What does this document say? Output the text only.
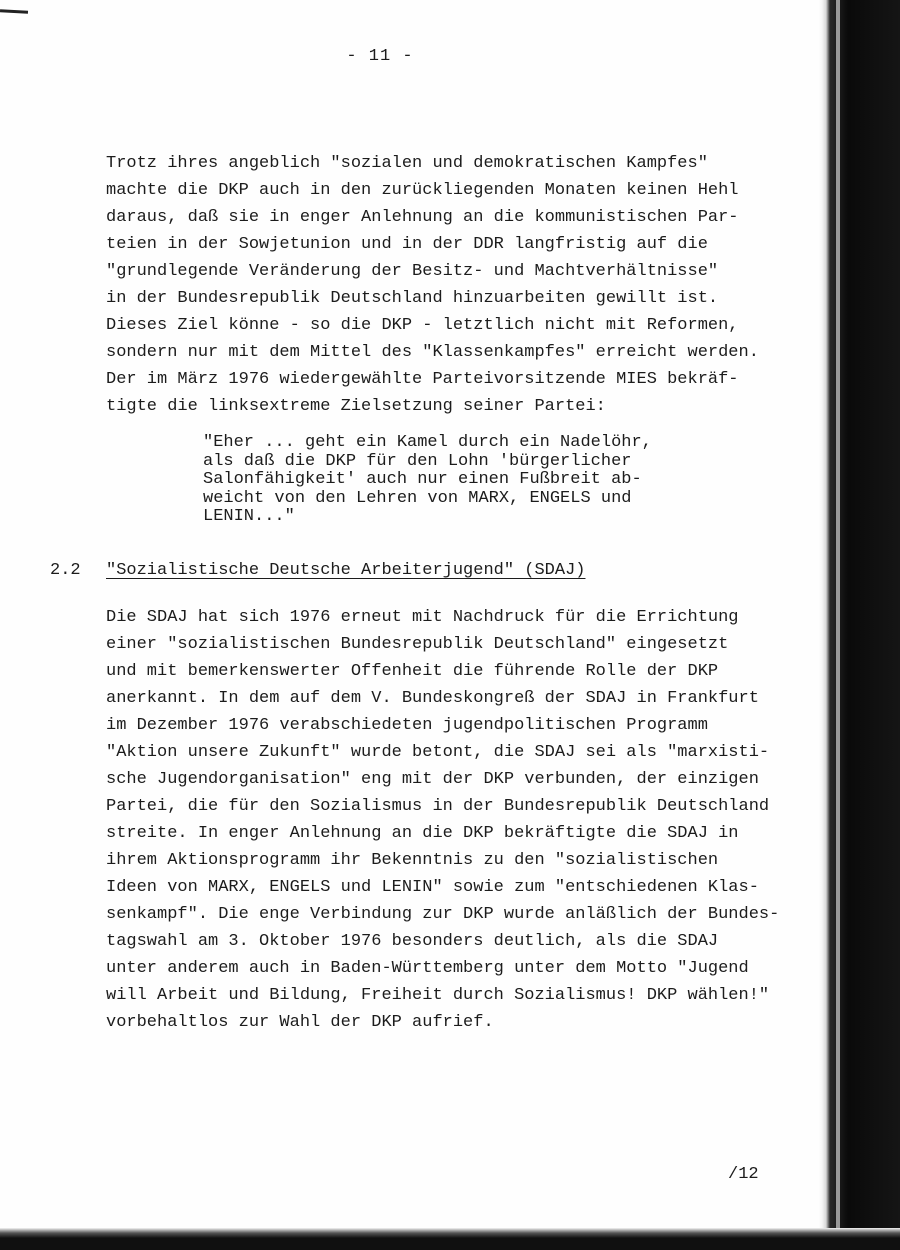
- 11 -

Trotz ihres angeblich "sozialen und demokratischen Kampfes"
machte die DKP auch in den zurückliegenden Monaten keinen Hehl
daraus, daß sie in enger Anlehnung an die kommunistischen Par-
teien in der Sowjetunion und in der DDR langfristig auf die
"grundlegende Veränderung der Besitz- und Machtverhältnisse"
in der Bundesrepublik Deutschland hinzuarbeiten gewillt ist.
Dieses Ziel könne - so die DKP - letztlich nicht mit Reformen,
sondern nur mit dem Mittel des "Klassenkampfes" erreicht werden.
Der im März 1976 wiedergewählte Parteivorsitzende MIES bekräf-
tigte die linksextreme Zielsetzung seiner Partei:

"Eher ... geht ein Kamel durch ein Nadelöhr,
als daß die DKP für den Lohn 'bürgerlicher
Salonfähigkeit' auch nur einen Fußbreit ab-
weicht von den Lehren von MARX, ENGELS und
LENIN..."

2.2 "Sozialistische Deutsche Arbeiterjugend" (SDAJ)

Die SDAJ hat sich 1976 erneut mit Nachdruck für die Errichtung
einer "sozialistischen Bundesrepublik Deutschland" eingesetzt
und mit bemerkenswerter Offenheit die führende Rolle der DKP
anerkannt. In dem auf dem V. Bundeskongreß der SDAJ in Frankfurt
im Dezember 1976 verabschiedeten jugendpolitischen Programm
"Aktion unsere Zukunft" wurde betont, die SDAJ sei als "marxisti-
sche Jugendorganisation" eng mit der DKP verbunden, der einzigen
Partei, die für den Sozialismus in der Bundesrepublik Deutschland
streite. In enger Anlehnung an die DKP bekräftigte die SDAJ in
ihrem Aktionsprogramm ihr Bekenntnis zu den "sozialistischen
Ideen von MARX, ENGELS und LENIN" sowie zum "entschiedenen Klas-
senkampf". Die enge Verbindung zur DKP wurde anläßlich der Bundes-
tagswahl am 3. Oktober 1976 besonders deutlich, als die SDAJ
unter anderem auch in Baden-Württemberg unter dem Motto "Jugend
will Arbeit und Bildung, Freiheit durch Sozialismus! DKP wählen!"
vorbehaltlos zur Wahl der DKP aufrief.

/12
